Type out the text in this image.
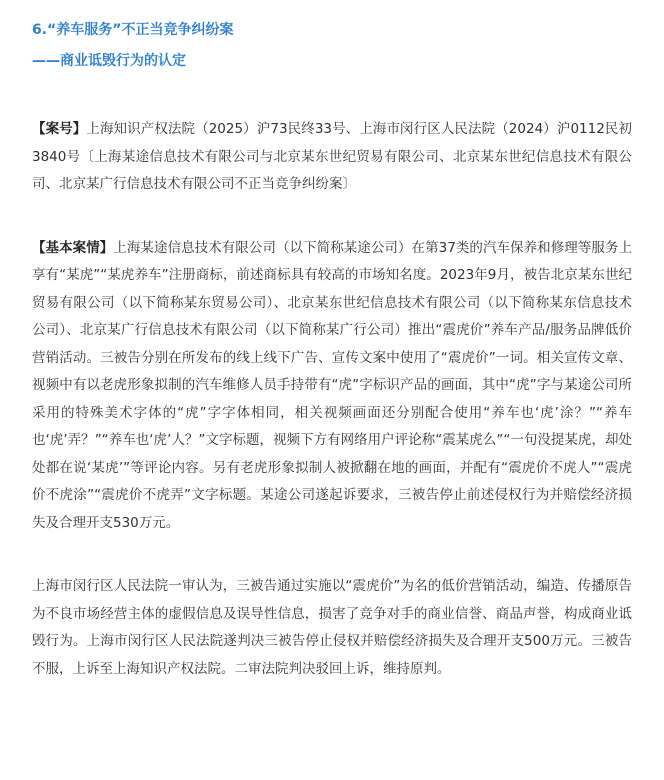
6.“养车服务”不正当竞争纠纷案

——商业诋毁行为的认定

【案号】上海知识产权法院（2025）沪73民终33号、上海市闵行区人民法院（2024）沪0112民初3840号〔上海某途信息技术有限公司与北京某东世纪贸易有限公司、北京某东世纪信息技术有限公司、北京某广行信息技术有限公司不正当竞争纠纷案〕

【基本案情】上海某途信息技术有限公司（以下简称某途公司）在第37类的汽车保养和修理等服务上享有“某虎”“某虎养车”注册商标，前述商标具有较高的市场知名度。2023年9月，被告北京某东世纪贸易有限公司（以下简称某东贸易公司）、北京某东世纪信息技术有限公司（以下简称某东信息技术公司）、北京某广行信息技术有限公司（以下简称某广行公司）推出“震虎价”养车产品/服务品牌低价营销活动。三被告分别在所发布的线上线下广告、宣传文案中使用了“震虎价”一词。相关宣传文章、视频中有以老虎形象拟制的汽车维修人员手持带有“虎”字标识产品的画面，其中“虎”字与某途公司所采用的特殊美术字体的“虎”字字体相同，相关视频画面还分别配合使用“养车也‘虎’涂？”“养车也‘虎’弄？”“养车也‘虎’人？”文字标题，视频下方有网络用户评论称“震某虎么”“一句没提某虎，却处处都在说‘某虎’”等评论内容。另有老虎形象拟制人被掀翻在地的画面，并配有“震虎价不虎人”“震虎价不虎涂”“震虎价不虎弄”文字标题。某途公司遂起诉要求，三被告停止前述侵权行为并赔偿经济损失及合理开支530万元。

上海市闵行区人民法院一审认为，三被告通过实施以“震虎价”为名的低价营销活动，编造、传播原告为不良市场经营主体的虚假信息及误导性信息，损害了竞争对手的商业信誉、商品声誉，构成商业诋毁行为。上海市闵行区人民法院遂判决三被告停止侵权并赔偿经济损失及合理开支500万元。三被告不服，上诉至上海知识产权法院。二审法院判决驳回上诉，维持原判。
